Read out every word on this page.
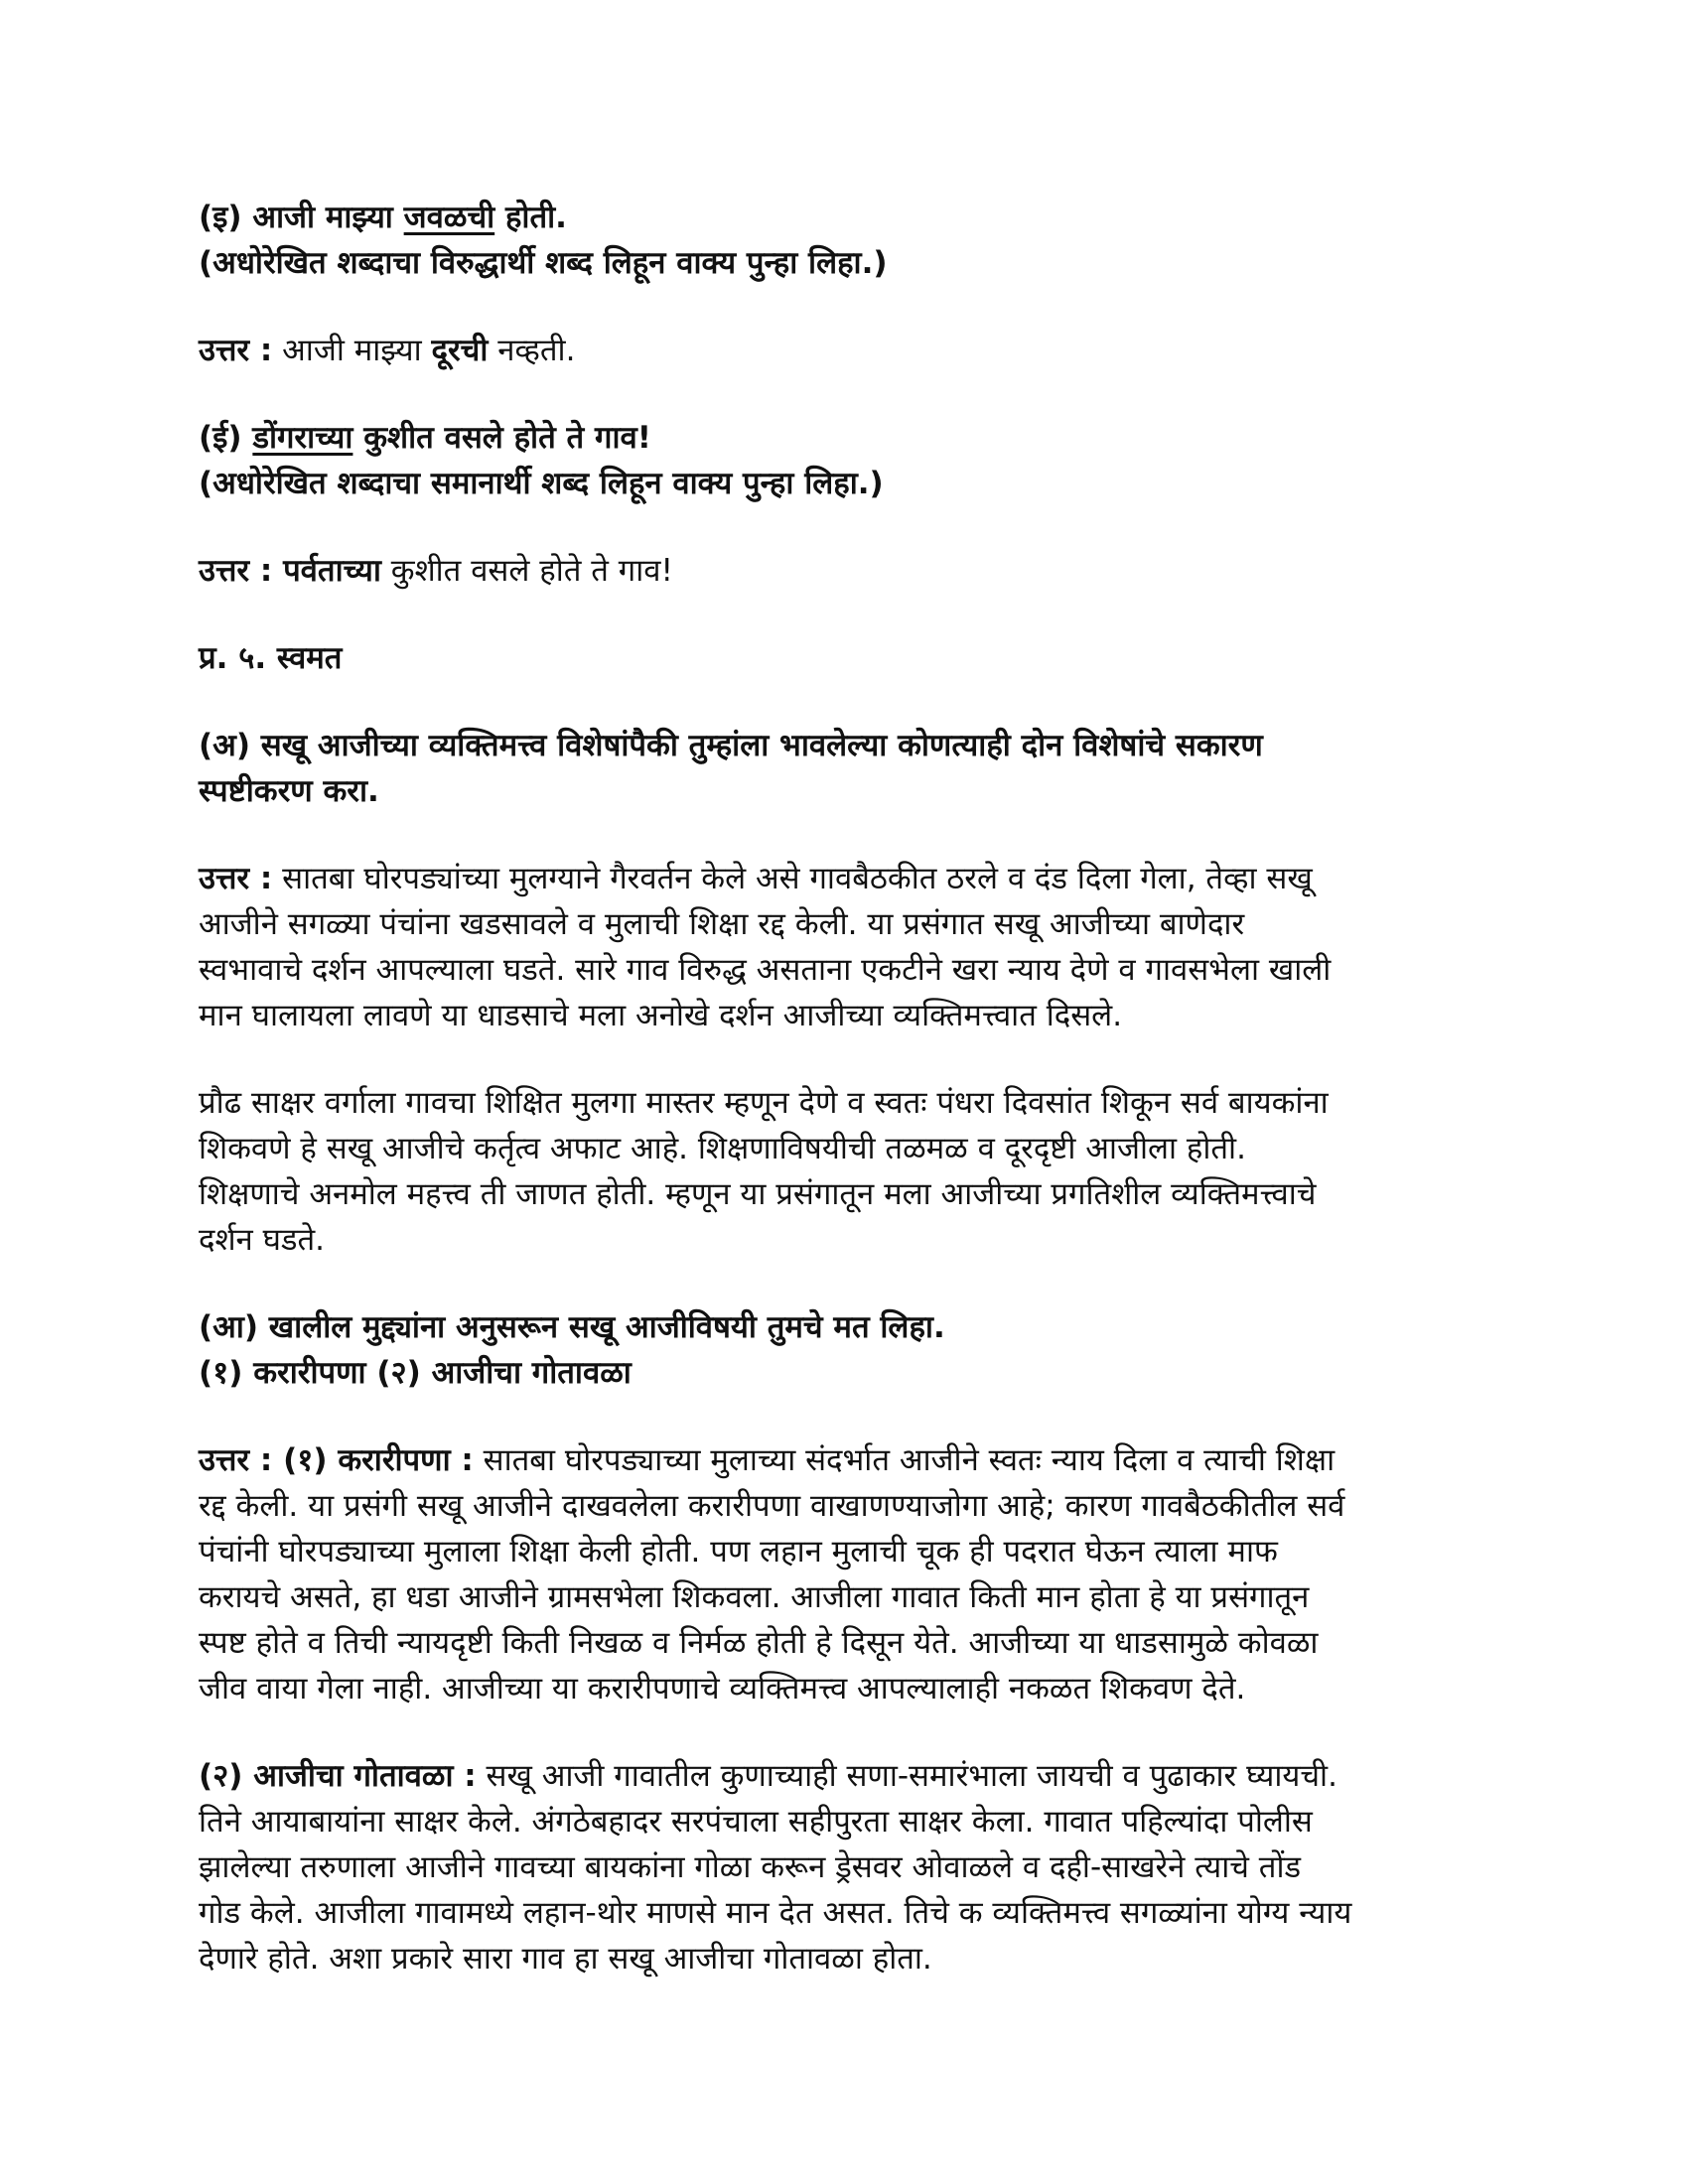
(इ) आजी माझ्या जवळची होती.

(अधोरेखित शब्दाचा विरुद्धार्थी शब्द लिहून वाक्य पुन्हा लिहा.)

उत्तर : आजी माझ्या दूरची नव्हती.

(ई) डोंगराच्या कुशीत वसले होते ते गाव!

(अधोरेखित शब्दाचा समानार्थी शब्द लिहून वाक्य पुन्हा लिहा.)

उत्तर : पर्वताच्या कुशीत वसले होते ते गाव!

प्र. ५. स्वमत

(अ) सखू आजीच्या व्यक्तिमत्त्व विशेषांपैकी तुम्हांला भावलेल्या कोणत्याही दोन विशेषांचे सकारण

स्पष्टीकरण करा.

उत्तर : सातबा घोरपड्यांच्या मुलग्याने गैरवर्तन केले असे गावबैठकीत ठरले व दंड दिला गेला, तेव्हा सखू

आजीने सगळ्या पंचांना खडसावले व मुलाची शिक्षा रद्द केली. या प्रसंगात सखू आजीच्या बाणेदार

स्वभावाचे दर्शन आपल्याला घडते. सारे गाव विरुद्ध असताना एकटीने खरा न्याय देणे व गावसभेला खाली

मान घालायला लावणे या धाडसाचे मला अनोखे दर्शन आजीच्या व्यक्तिमत्त्वात दिसले.

प्रौढ साक्षर वर्गाला गावचा शिक्षित मुलगा मास्तर म्हणून देणे व स्वतः पंधरा दिवसांत शिकून सर्व बायकांना

शिकवणे हे सखू आजीचे कर्तृत्व अफाट आहे. शिक्षणाविषयीची तळमळ व दूरदृष्टी आजीला होती.

शिक्षणाचे अनमोल महत्त्व ती जाणत होती. म्हणून या प्रसंगातून मला आजीच्या प्रगतिशील व्यक्तिमत्त्वाचे

दर्शन घडते.

(आ) खालील मुद्द्यांना अनुसरून सखू आजीविषयी तुमचे मत लिहा.

(१) करारीपणा (२) आजीचा गोतावळा

उत्तर : (१) करारीपणा : सातबा घोरपड्याच्या मुलाच्या संदर्भात आजीने स्वतः न्याय दिला व त्याची शिक्षा

रद्द केली. या प्रसंगी सखू आजीने दाखवलेला करारीपणा वाखाणण्याजोगा आहे; कारण गावबैठकीतील सर्व

पंचांनी घोरपड्याच्या मुलाला शिक्षा केली होती. पण लहान मुलाची चूक ही पदरात घेऊन त्याला माफ

करायचे असते, हा धडा आजीने ग्रामसभेला शिकवला. आजीला गावात किती मान होता हे या प्रसंगातून

स्पष्ट होते व तिची न्यायदृष्टी किती निखळ व निर्मळ होती हे दिसून येते. आजीच्या या धाडसामुळे कोवळा

जीव वाया गेला नाही. आजीच्या या करारीपणाचे व्यक्तिमत्त्व आपल्यालाही नकळत शिकवण देते.

(२) आजीचा गोतावळा : सखू आजी गावातील कुणाच्याही सणा-समारंभाला जायची व पुढाकार घ्यायची.

तिने आयाबायांना साक्षर केले. अंगठेबहादर सरपंचाला सहीपुरता साक्षर केला. गावात पहिल्यांदा पोलीस

झालेल्या तरुणाला आजीने गावच्या बायकांना गोळा करून ड्रेसवर ओवाळले व दही-साखरेने त्याचे तोंड

गोड केले. आजीला गावामध्ये लहान-थोर माणसे मान देत असत. तिचे क व्यक्तिमत्त्व सगळ्यांना योग्य न्याय

देणारे होते. अशा प्रकारे सारा गाव हा सखू आजीचा गोतावळा होता.
